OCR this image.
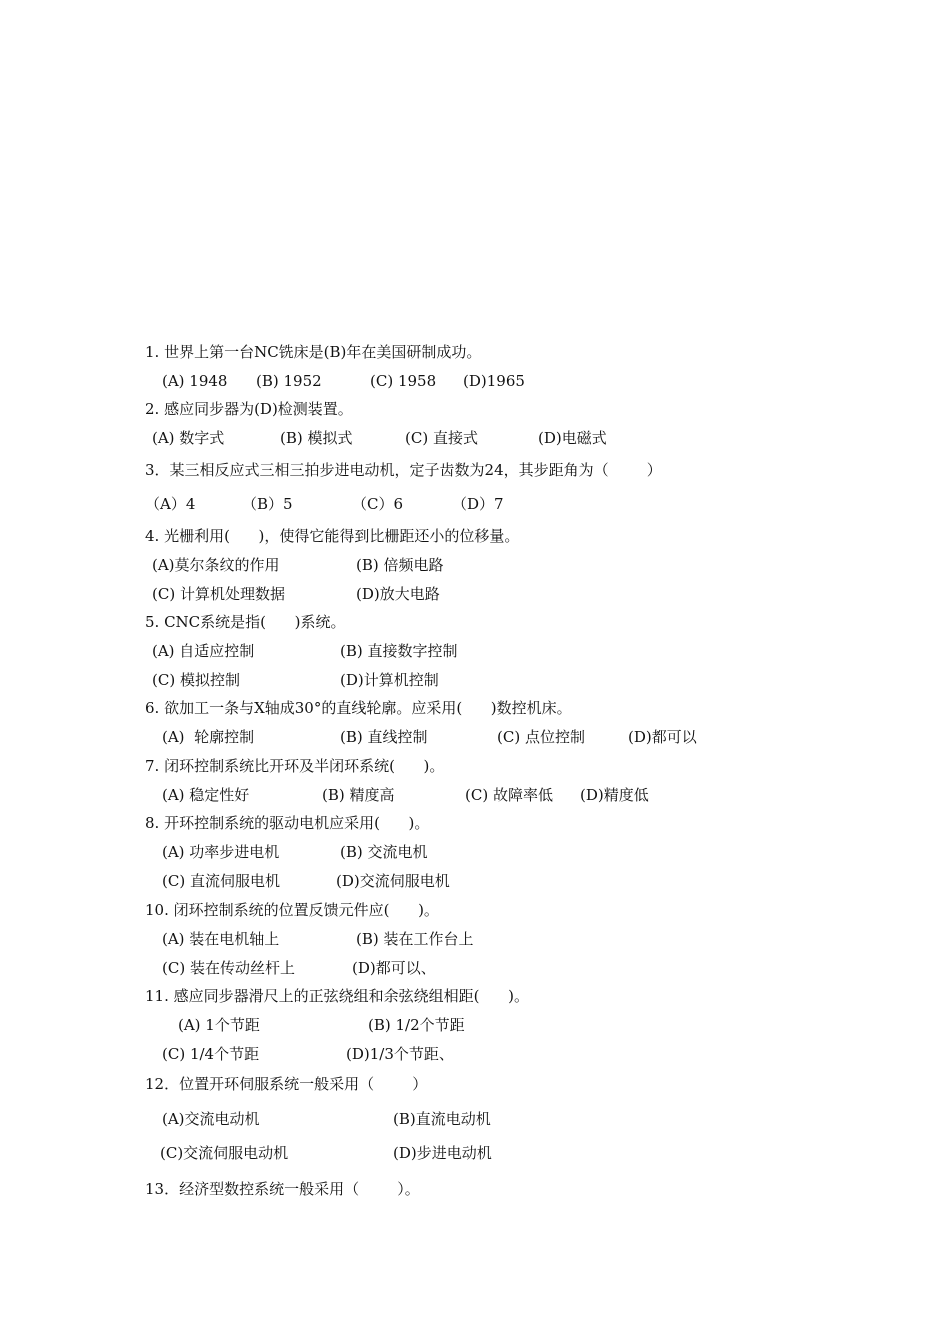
1. 世界上第一台NC铣床是(B)年在美国研制成功。
(A) 1948 (B) 1952	(C) 1958 (D)1965
2. 感应同步器为(D)检测装置。
(A) 数字式	(B) 模拟式	(C) 直接式	(D)电磁式
3．某三相反应式三相三拍步进电动机，定子齿数为24，其步距角为（        ）
（A）4	（B）5	（C）6	（D）7
4. 光栅利用(      )，使得它能得到比栅距还小的位移量。
(A)莫尔条纹的作用	(B) 倍频电路
(C) 计算机处理数据	(D)放大电路
5. CNC系统是指(      )系统。
(A) 自适应控制	(B) 直接数字控制
(C) 模拟控制	(D)计算机控制
6. 欲加工一条与X轴成30°的直线轮廓。应采用(      )数控机床。
(A)  轮廓控制	(B) 直线控制	(C) 点位控制	(D)都可以
7. 闭环控制系统比开环及半闭环系统(      )。
(A) 稳定性好	(B) 精度高	(C) 故障率低 (D)精度低
8. 开环控制系统的驱动电机应采用(      )。
(A) 功率步进电机	(B) 交流电机
(C) 直流伺服电机	(D)交流伺服电机
10. 闭环控制系统的位置反馈元件应(      )。
(A) 装在电机轴上	(B) 装在工作台上
(C) 装在传动丝杆上	(D)都可以、
11. 感应同步器滑尺上的正弦绕组和余弦绕组相距(      )。
(A) 1个节距	(B) 1/2个节距
(C) 1/4个节距	(D)1/3个节距、
12．位置开环伺服系统一般采用（        ）
(A)交流电动机	(B)直流电动机
(C)交流伺服电动机	(D)步进电动机
13．经济型数控系统一般采用（        ）。
